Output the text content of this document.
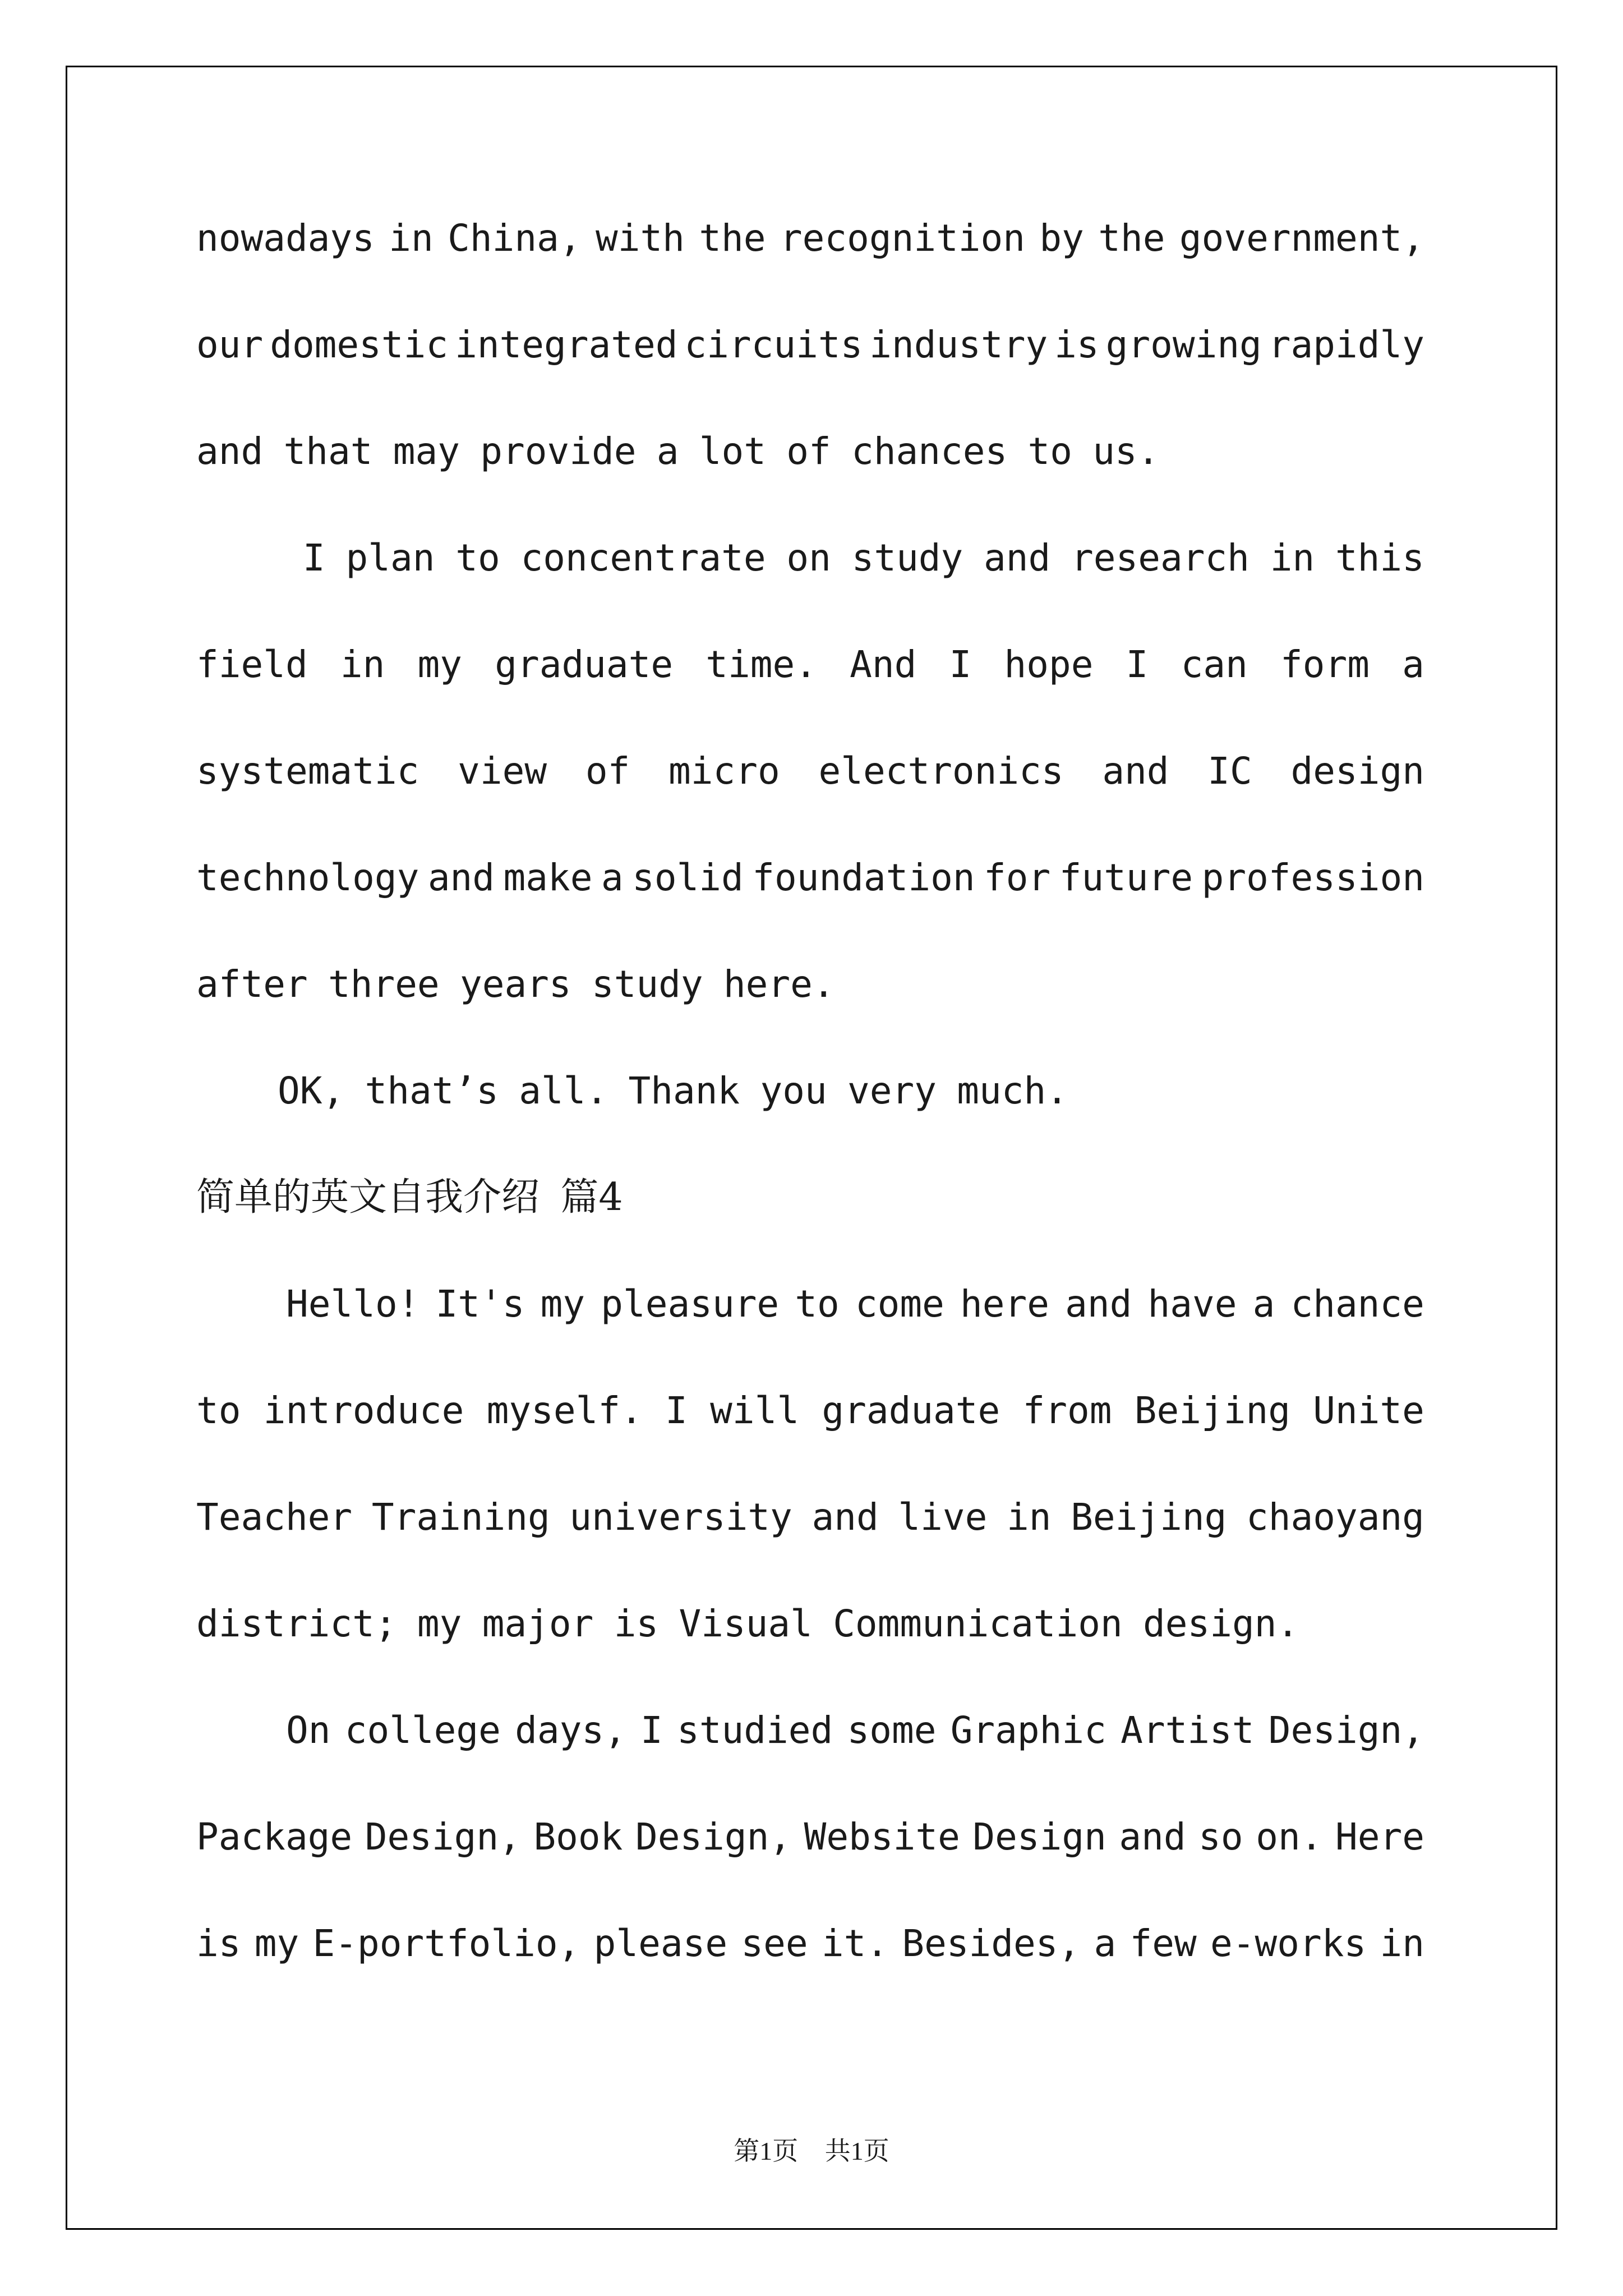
nowadays in China, with the recognition by the government,
our domestic integrated circuits industry is growing rapidly
and that may provide a lot of chances to us.
I plan to concentrate on study and research in this
field in my graduate time. And I hope I can form a
systematic view of micro electronics and IC design
technology and make a solid foundation for future profession
after three years study here.
OK, that’s all. Thank you very much.
简单的英文自我介绍 篇4
Hello! It's my pleasure to come here and have a chance
to introduce myself. I will graduate from Beijing Unite
Teacher Training university and live in Beijing chaoyang
district; my major is Visual Communication design.
On college days, I studied some Graphic Artist Design,
Package Design, Book Design, Website Design and so on. Here
is my E-portfolio, please see it. Besides, a few e-works in
第1页 共1页
